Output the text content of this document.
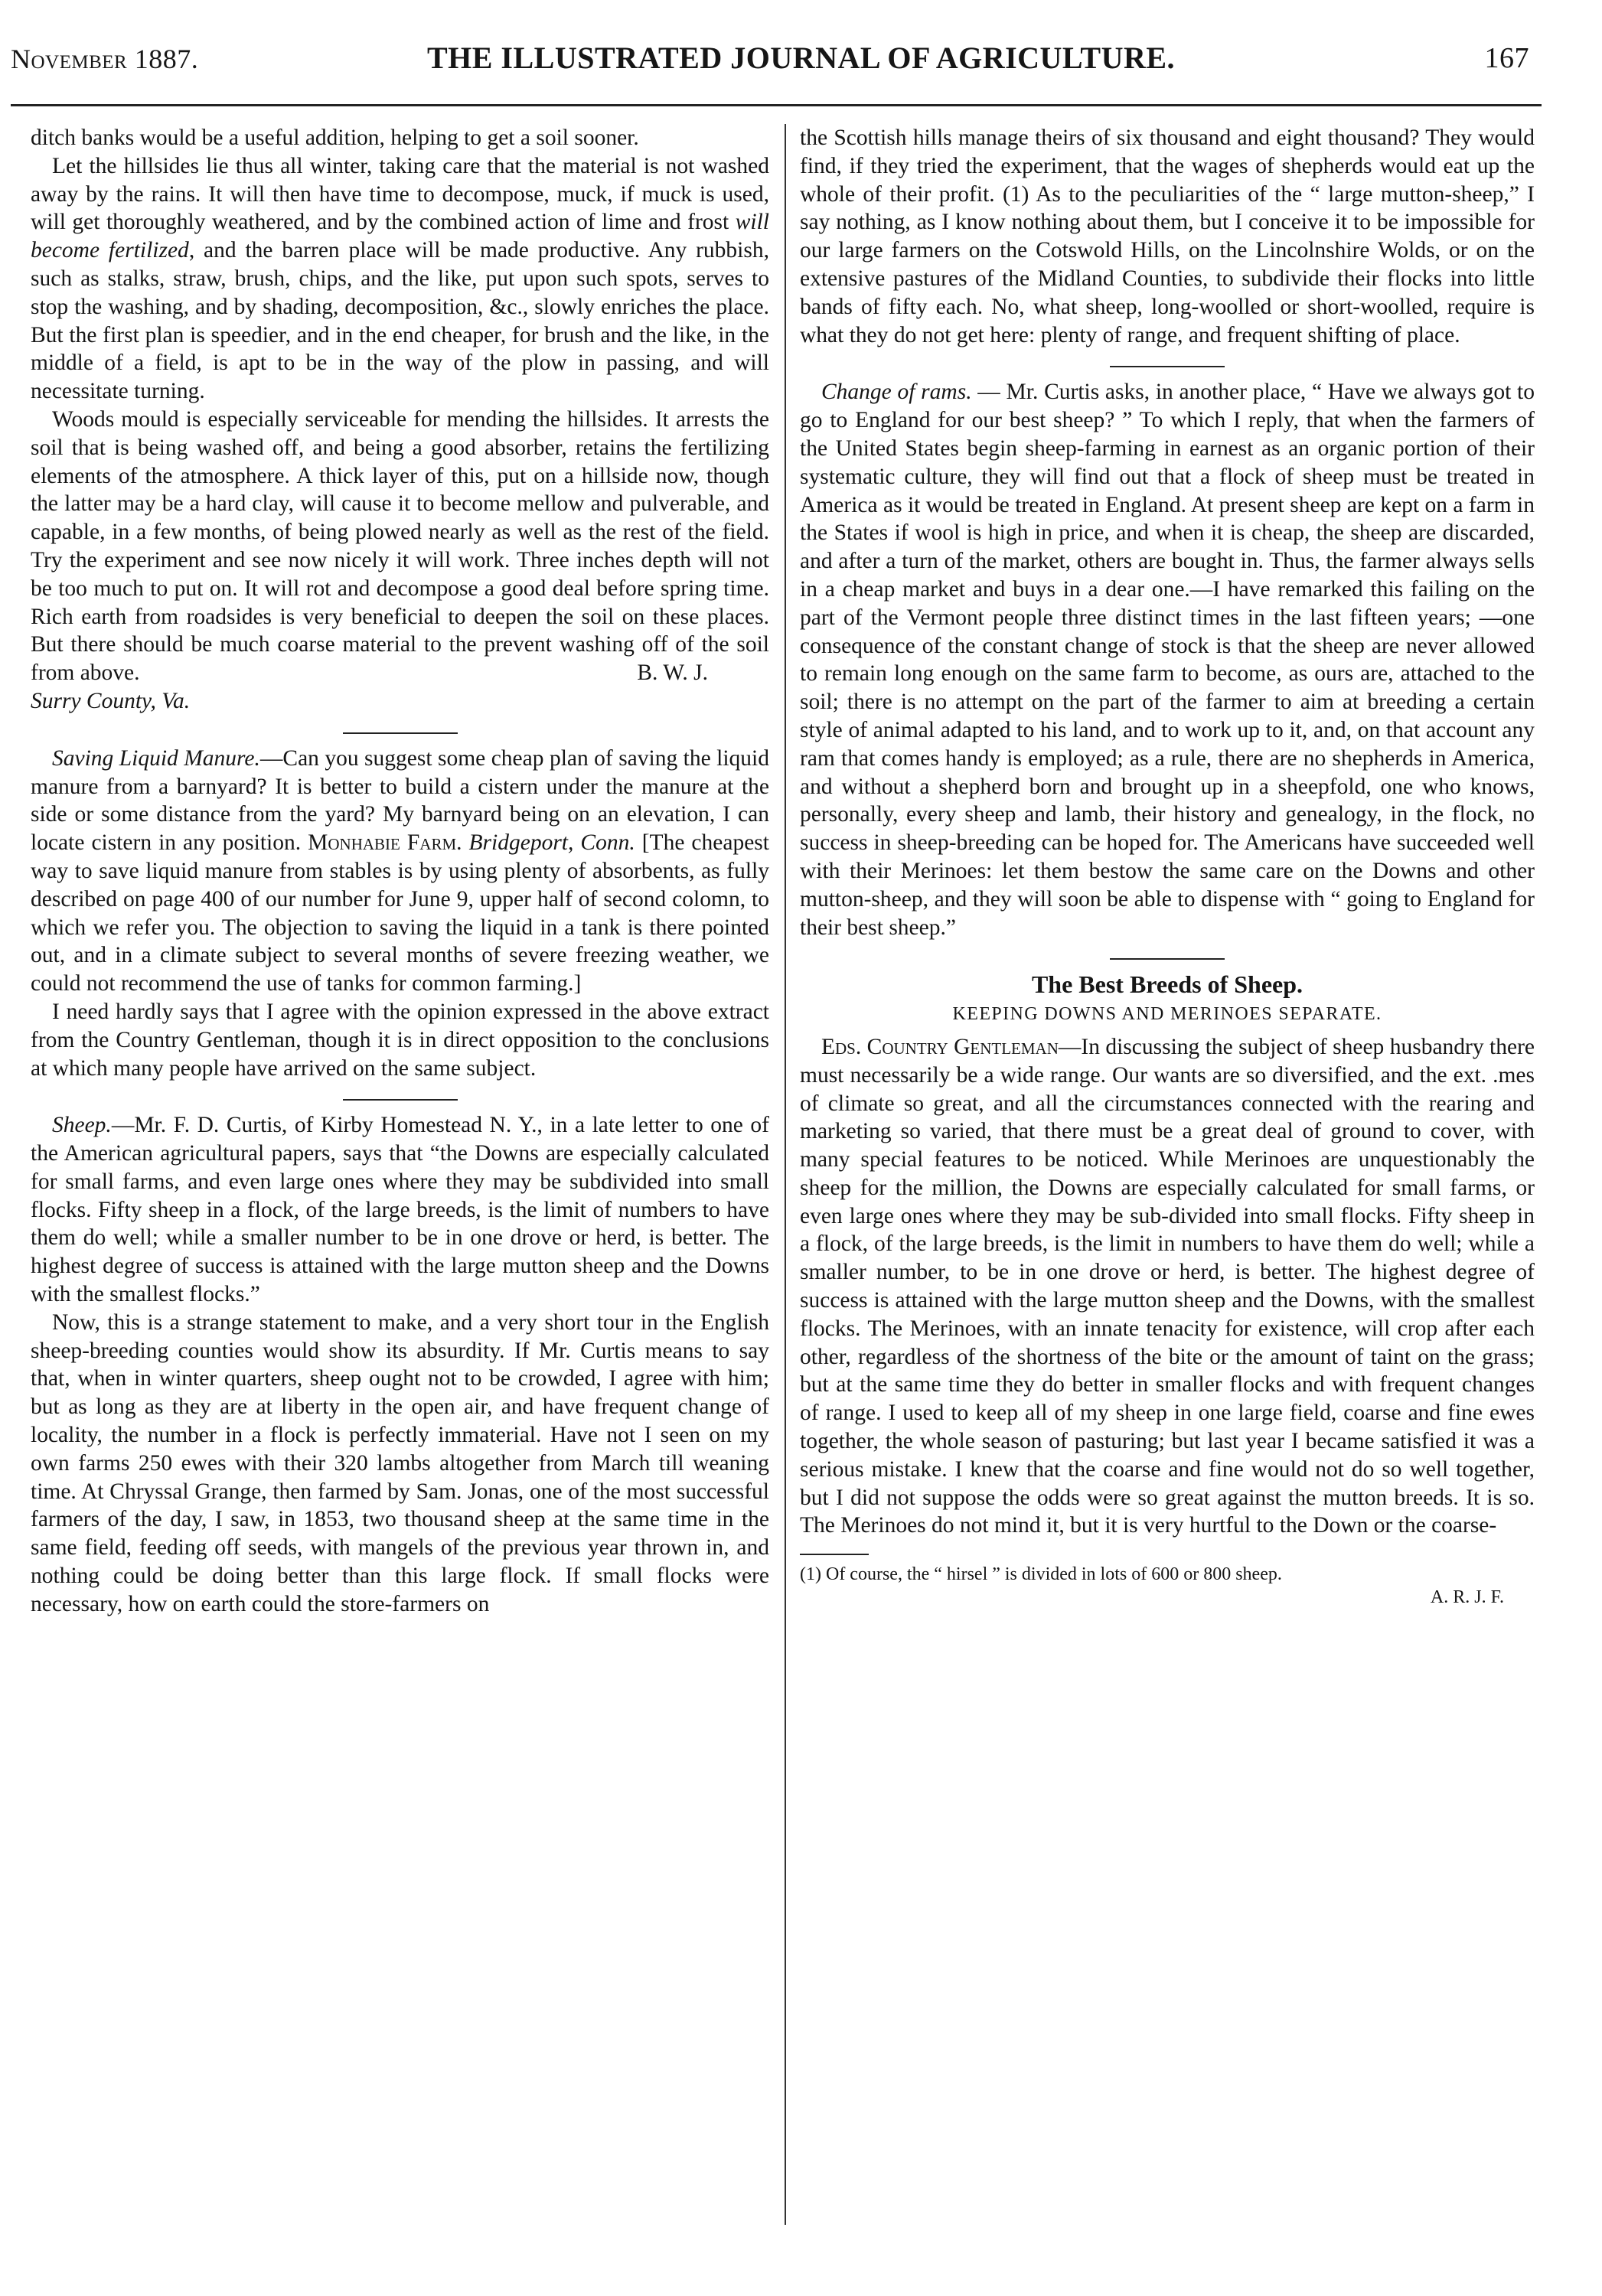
November 1887.	THE ILLUSTRATED JOURNAL OF AGRICULTURE.	167

ditch banks would be a useful addition, helping to get a soil sooner.

Let the hillsides lie thus all winter, taking care that the material is not washed away by the rains. It will then have time to decompose, muck, if muck is used, will get thoroughly weathered, and by the combined action of lime and frost will become fertilized, and the barren place will be made productive. Any rubbish, such as stalks, straw, brush, chips, and the like, put upon such spots, serves to stop the washing, and by shading, decomposition, &c., slowly enriches the place. But the first plan is speedier, and in the end cheaper, for brush and the like, in the middle of a field, is apt to be in the way of the plow in passing, and will necessitate turning.

Woods mould is especially serviceable for mending the hillsides. It arrests the soil that is being washed off, and being a good absorber, retains the fertilizing elements of the atmosphere. A thick layer of this, put on a hillside now, though the latter may be a hard clay, will cause it to become mellow and pulverable, and capable, in a few months, of being plowed nearly as well as the rest of the field. Try the experiment and see now nicely it will work. Three inches depth will not be too much to put on. It will rot and decompose a good deal before spring time. Rich earth from roadsides is very beneficial to deepen the soil on these places. But there should be much coarse material to the prevent washing off of the soil from above.	B. W. J.

Surry County, Va.

Saving Liquid Manure.—Can you suggest some cheap plan of saving the liquid manure from a barnyard? It is better to build a cistern under the manure at the side or some distance from the yard? My barnyard being on an elevation, I can locate cistern in any position. Monhabie Farm. Bridgeport, Conn. [The cheapest way to save liquid manure from stables is by using plenty of absorbents, as fully described on page 400 of our number for June 9, upper half of second colomn, to which we refer you. The objection to saving the liquid in a tank is there pointed out, and in a climate subject to several months of severe freezing weather, we could not recommend the use of tanks for common farming.]

I need hardly says that I agree with the opinion expressed in the above extract from the Country Gentleman, though it is in direct opposition to the conclusions at which many people have arrived on the same subject.

Sheep.—Mr. F. D. Curtis, of Kirby Homestead N. Y., in a late letter to one of the American agricultural papers, says that “the Downs are especially calculated for small farms, and even large ones where they may be subdivided into small flocks. Fifty sheep in a flock, of the large breeds, is the limit of numbers to have them do well; while a smaller number to be in one drove or herd, is better. The highest degree of success is attained with the large mutton sheep and the Downs with the smallest flocks.”

Now, this is a strange statement to make, and a very short tour in the English sheep-breeding counties would show its absurdity. If Mr. Curtis means to say that, when in winter quarters, sheep ought not to be crowded, I agree with him; but as long as they are at liberty in the open air, and have frequent change of locality, the number in a flock is perfectly immaterial. Have not I seen on my own farms 250 ewes with their 320 lambs altogether from March till weaning time. At Chryssal Grange, then farmed by Sam. Jonas, one of the most successful farmers of the day, I saw, in 1853, two thousand sheep at the same time in the same field, feeding off seeds, with mangels of the previous year thrown in, and nothing could be doing better than this large flock. If small flocks were necessary, how on earth could the store-farmers on

the Scottish hills manage theirs of six thousand and eight thousand? They would find, if they tried the experiment, that the wages of shepherds would eat up the whole of their profit. (1) As to the peculiarities of the “ large mutton-sheep,” I say nothing, as I know nothing about them, but I conceive it to be impossible for our large farmers on the Cotswold Hills, on the Lincolnshire Wolds, or on the extensive pastures of the Midland Counties, to subdivide their flocks into little bands of fifty each. No, what sheep, long-woolled or short-woolled, require is what they do not get here: plenty of range, and frequent shifting of place.

Change of rams. — Mr. Curtis asks, in another place, “ Have we always got to go to England for our best sheep? ” To which I reply, that when the farmers of the United States begin sheep-farming in earnest as an organic portion of their systematic culture, they will find out that a flock of sheep must be treated in America as it would be treated in England. At present sheep are kept on a farm in the States if wool is high in price, and when it is cheap, the sheep are discarded, and after a turn of the market, others are bought in. Thus, the farmer always sells in a cheap market and buys in a dear one.—I have remarked this failing on the part of the Vermont people three distinct times in the last fifteen years; —one consequence of the constant change of stock is that the sheep are never allowed to remain long enough on the same farm to become, as ours are, attached to the soil; there is no attempt on the part of the farmer to aim at breeding a certain style of animal adapted to his land, and to work up to it, and, on that account any ram that comes handy is employed; as a rule, there are no shepherds in America, and without a shepherd born and brought up in a sheepfold, one who knows, personally, every sheep and lamb, their history and genealogy, in the flock, no success in sheep-breeding can be hoped for. The Americans have succeeded well with their Merinoes: let them bestow the same care on the Downs and other mutton-sheep, and they will soon be able to dispense with “ going to England for their best sheep.”

The Best Breeds of Sheep.
KEEPING DOWNS AND MERINOES SEPARATE.

Eds. Country Gentleman—In discussing the subject of sheep husbandry there must necessarily be a wide range. Our wants are so diversified, and the ext. .mes of climate so great, and all the circumstances connected with the rearing and marketing so varied, that there must be a great deal of ground to cover, with many special features to be noticed. While Merinoes are unquestionably the sheep for the million, the Downs are especially calculated for small farms, or even large ones where they may be sub-divided into small flocks. Fifty sheep in a flock, of the large breeds, is the limit in numbers to have them do well; while a smaller number, to be in one drove or herd, is better. The highest degree of success is attained with the large mutton sheep and the Downs, with the smallest flocks. The Merinoes, with an innate tenacity for existence, will crop after each other, regardless of the shortness of the bite or the amount of taint on the grass; but at the same time they do better in smaller flocks and with frequent changes of range. I used to keep all of my sheep in one large field, coarse and fine ewes together, the whole season of pasturing; but last year I became satisfied it was a serious mistake. I knew that the coarse and fine would not do so well together, but I did not suppose the odds were so great against the mutton breeds. It is so. The Merinoes do not mind it, but it is very hurtful to the Down or the coarse-

(1) Of course, the “ hirsel ” is divided in lots of 600 or 800 sheep.

A. R. J. F.
